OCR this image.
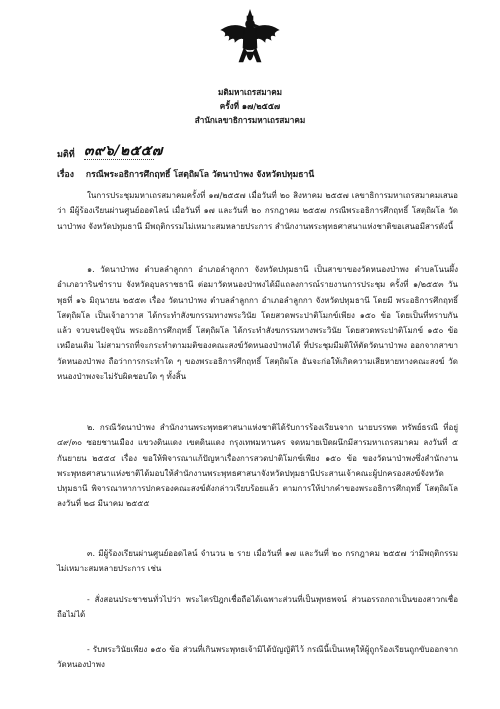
มติมหาเถรสมาคม
ครั้งที่ ๑๗/๒๕๕๗
สำนักเลขาธิการมหาเถรสมาคม
มติที่ ๓๙๖/๒๕๕๗
เรื่อง กรณีพระอธิการศึกฤทธิ์ โสตฺถิผโล วัดนาป่าพง จังหวัดปทุมธานี

ในการประชุมมหาเถรสมาคมครั้งที่ ๑๗/๒๕๕๗ เมื่อวันที่ ๒๐ สิงหาคม ๒๕๕๗ เลขาธิการมหาเถรสมาคมเสนอว่า มีผู้ร้องเรียนผ่านศูนย์ออดไลน์ เมื่อวันที่ ๑๗ และวันที่ ๒๐ กรกฎาคม ๒๕๕๗ กรณีพระอธิการศึกฤทธิ์ โสตฺถิผโล วัดนาป่าพง จังหวัดปทุมธานี มีพฤติกรรมไม่เหมาะสมหลายประการ สำนักงานพระพุทธศาสนาแห่งชาติขอเสนอมีสารดังนี้

๑. วัดนาป่าพง ตำบลลำลูกกา อำเภอลำลูกกา จังหวัดปทุมธานี เป็นสาขาของวัดหนองป่าพง ตำบลโนนผึ้ง อำเภอวารินชำราบ จังหวัดอุบลราชธานี ต่อมาวัดหนองป่าพงได้มีแถลงการณ์รายงานการประชุม ครั้งที่ ๑/๒๕๕๓ วันพุธที่ ๑๖ มิถุนายน ๒๕๕๓ เรื่อง วัดนาป่าพง ตำบลลำลูกกา อำเภอลำลูกกา จังหวัดปทุมธานี โดยมี พระอธิการศึกฤทธิ์ โสตฺถิผโล เป็นเจ้าอาวาส ได้กระทำสังฆกรรมทางพระวินัย โดยสวดพระปาติโมกข์เพียง ๑๕๐ ข้อ โดยเป็นที่ทราบกันแล้ว จวบจนปัจจุบัน พระอธิการศึกฤทธิ์ โสตฺถิผโล ได้กระทำสังฆกรรมทางพระวินัย โดยสวดพระปาติโมกข์ ๑๕๐ ข้อ เหมือนเดิม ไม่สามารถที่จะกระทำตามมติของคณะสงฆ์วัดหนองป่าพงได้ ที่ประชุมมีมติให้ตัดวัดนาป่าพง ออกจากสาขาวัดหนองป่าพง ถือว่าการกระทำใด ๆ ของพระอธิการศึกฤทธิ์ โสตฺถิผโล อันจะก่อให้เกิดความเสียหายทางคณะสงฆ์ วัดหนองป่าพงจะไม่รับผิดชอบใด ๆ ทั้งสิ้น

๒. กรณีวัดนาป่าพง สำนักงานพระพุทธศาสนาแห่งชาติได้รับการร้องเรียนจาก นายบรรพต ทรัพย์ธรณี ที่อยู่ ๔๙/๓๐ ซอยชานเมือง แขวงดินแดง เขตดินแดง กรุงเทพมหานคร จดหมายเปิดผนึกมีสารมหาเถรสมาคม ลงวันที่ ๕ กันยายน ๒๕๕๔ เรื่อง ขอให้พิจารณาแก้ปัญหาเรื่องการสวดปาติโมกข์เพียง ๑๕๐ ข้อ ของวัดนาป่าพงซึ่งสำนักงานพระพุทธศาสนาแห่งชาติได้มอบให้สำนักงานพระพุทธศาสนาจังหวัดปทุมธานีประสานเจ้าคณะผู้ปกครองสงฆ์จังหวัดปทุมธานี พิจารณาหาการปกครองคณะสงฆ์ดังกล่าวเรียบร้อยแล้ว ตามการให้ปากคำของพระอธิการศึกฤทธิ์ โสตฺถิผโล ลงวันที่ ๒๘ มีนาคม ๒๕๕๕

๓. มีผู้ร้องเรียนผ่านศูนย์ออดไลน์ จำนวน ๒ ราย เมื่อวันที่ ๑๗ และวันที่ ๒๐ กรกฎาคม ๒๕๕๗ ว่ามีพฤติกรรมไม่เหมาะสมหลายประการ เช่น

- สั่งสอนประชาชนทั่วไปว่า พระไตรปิฎกเชื่อถือได้เฉพาะส่วนที่เป็นพุทธพจน์ ส่วนอรรถกถาเป็นของสาวกเชื่อถือไม่ได้

- รับพระวินัยเพียง ๑๕๐ ข้อ ส่วนที่เกินพระพุทธเจ้ามิได้บัญญัติไว้ กรณีนี้เป็นเหตุให้ผู้ถูกร้องเรียนถูกขับออกจากวัดหนองป่าพง
